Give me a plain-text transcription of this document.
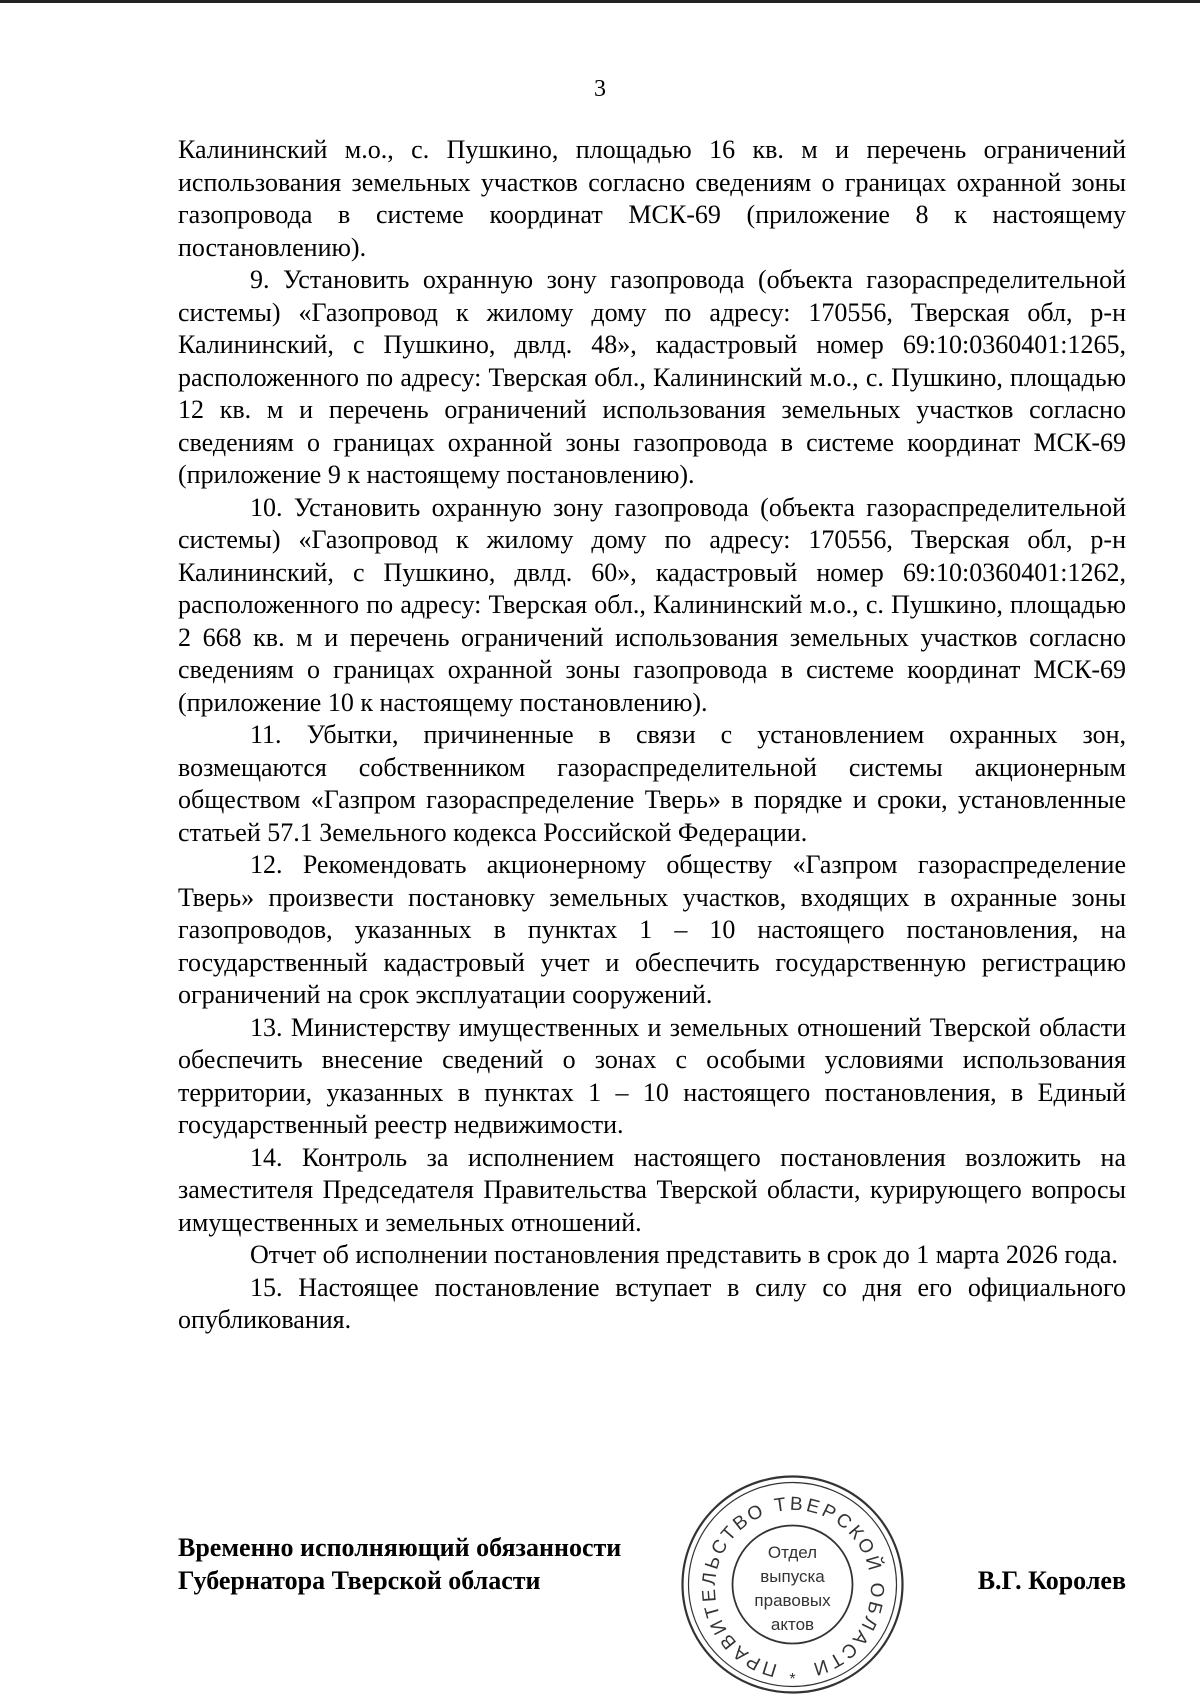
3

Калининский м.о., с. Пушкино, площадью 16 кв. м и перечень ограничений использования земельных участков согласно сведениям о границах охранной зоны газопровода в системе координат МСК-69 (приложение 8 к настоящему постановлению).

9. Установить охранную зону газопровода (объекта газораспределительной системы) «Газопровод к жилому дому по адресу: 170556, Тверская обл, р-н Калининский, с Пушкино, двлд. 48», кадастровый номер 69:10:0360401:1265, расположенного по адресу: Тверская обл., Калининский м.о., с. Пушкино, площадью 12 кв. м и перечень ограничений использования земельных участков согласно сведениям о границах охранной зоны газопровода в системе координат МСК-69 (приложение 9 к настоящему постановлению).

10. Установить охранную зону газопровода (объекта газораспределительной системы) «Газопровод к жилому дому по адресу: 170556, Тверская обл, р-н Калининский, с Пушкино, двлд. 60», кадастровый номер 69:10:0360401:1262, расположенного по адресу: Тверская обл., Калининский м.о., с. Пушкино, площадью 2 668 кв. м и перечень ограничений использования земельных участков согласно сведениям о границах охранной зоны газопровода в системе координат МСК-69 (приложение 10 к настоящему постановлению).

11. Убытки, причиненные в связи с установлением охранных зон, возмещаются собственником газораспределительной системы акционерным обществом «Газпром газораспределение Тверь» в порядке и сроки, установленные статьей 57.1 Земельного кодекса Российской Федерации.

12. Рекомендовать акционерному обществу «Газпром газораспределение Тверь» произвести постановку земельных участков, входящих в охранные зоны газопроводов, указанных в пунктах 1 – 10 настоящего постановления, на государственный кадастровый учет и обеспечить государственную регистрацию ограничений на срок эксплуатации сооружений.

13. Министерству имущественных и земельных отношений Тверской области обеспечить внесение сведений о зонах с особыми условиями использования территории, указанных в пунктах 1 – 10 настоящего постановления, в Единый государственный реестр недвижимости.

14. Контроль за исполнением настоящего постановления возложить на заместителя Председателя Правительства Тверской области, курирующего вопросы имущественных и земельных отношений.

Отчет об исполнении постановления представить в срок до 1 марта 2026 года.

15. Настоящее постановление вступает в силу со дня его официального опубликования.

Временно исполняющий обязанности
Губернатора Тверской области	В.Г. Королев
ПРАВИТЕЛЬСТВО ТВЕРСКОЙ ОБЛАСТИ
Отдел
выпуска
правовых
актов
*
